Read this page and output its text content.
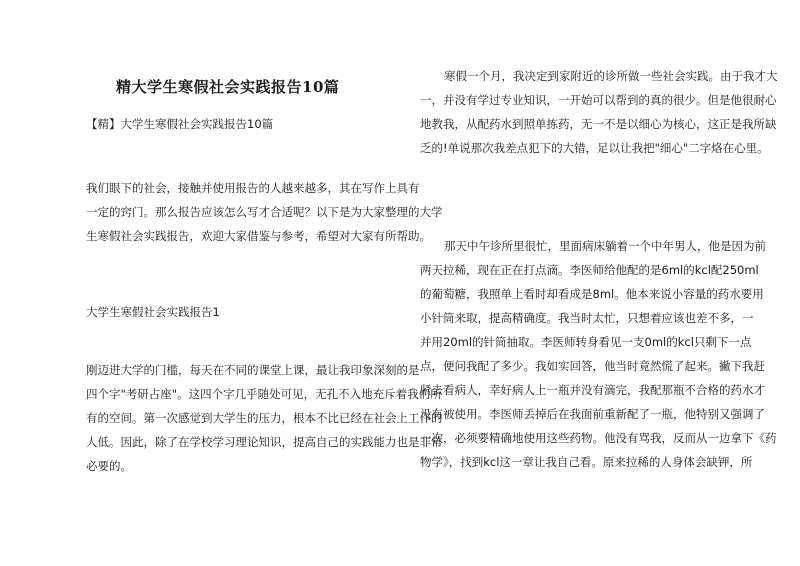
精大学生寒假社会实践报告10篇
【精】大学生寒假社会实践报告10篇
我们眼下的社会，接触并使用报告的人越来越多，其在写作上具有
一定的窍门。那么报告应该怎么写才合适呢？以下是为大家整理的大学
生寒假社会实践报告，欢迎大家借鉴与参考，希望对大家有所帮助。
大学生寒假社会实践报告1
刚迈进大学的门槛，每天在不同的课堂上课，最让我印象深刻的是
四个字"考研占座"。这四个字几乎随处可见，无孔不入地充斥着我们所
有的空间。第一次感觉到大学生的压力，根本不比已经在社会上工作的
人低。因此，除了在学校学习理论知识，提高自己的实践能力也是非常
必要的。
寒假一个月，我决定到家附近的诊所做一些社会实践。由于我才大
一，并没有学过专业知识，一开始可以帮到的真的很少。但是他很耐心
地教我，从配药水到照单拣药，无一不是以细心为核心，这正是我所缺
乏的!单说那次我差点犯下的大错，足以让我把"细心"二字烙在心里。
那天中午诊所里很忙，里面病床躺着一个中年男人，他是因为前
两天拉稀，现在正在打点滴。李医师给他配的是6ml的kcl配250ml
的葡萄糖，我照单上看时却看成是8ml。他本来说小容量的药水要用
小针筒来取，提高精确度。我当时太忙，只想着应该也差不多，一
并用20ml的针筒抽取。李医师转身看见一支0ml的kcl只剩下一点
点，便问我配了多少。我如实回答，他当时竟然慌了起来。撇下我赶
紧去看病人，幸好病人上一瓶并没有滴完，我配那瓶不合格的药水才
没有被使用。李医师丢掉后在我面前重新配了一瓶，他特别又强调了
一次，必须要精确地使用这些药物。他没有骂我，反而从一边拿下《药
物学》，找到kcl这一章让我自己看。原来拉稀的人身体会缺钾，所
